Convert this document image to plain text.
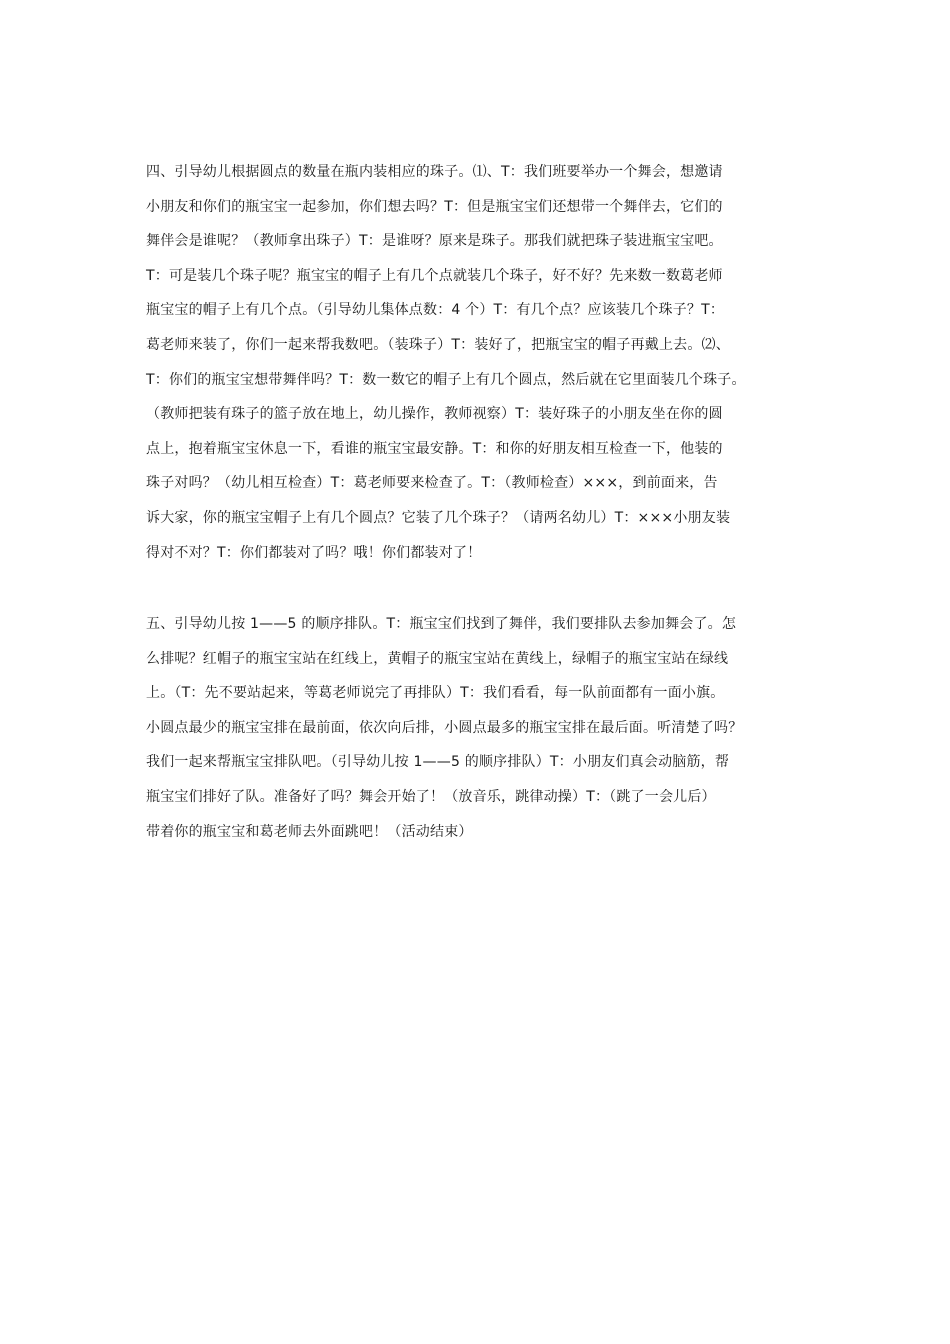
四、引导幼儿根据圆点的数量在瓶内装相应的珠子。⑴、T：我们班要举办一个舞会，想邀请
小朋友和你们的瓶宝宝一起参加，你们想去吗？T：但是瓶宝宝们还想带一个舞伴去，它们的
舞伴会是谁呢？（教师拿出珠子）T：是谁呀？原来是珠子。那我们就把珠子装进瓶宝宝吧。
T：可是装几个珠子呢？瓶宝宝的帽子上有几个点就装几个珠子，好不好？先来数一数葛老师
瓶宝宝的帽子上有几个点。（引导幼儿集体点数：4 个）T：有几个点？应该装几个珠子？T：
葛老师来装了，你们一起来帮我数吧。（装珠子）T：装好了，把瓶宝宝的帽子再戴上去。⑵、
T：你们的瓶宝宝想带舞伴吗？T：数一数它的帽子上有几个圆点，然后就在它里面装几个珠子。
（教师把装有珠子的篮子放在地上，幼儿操作，教师视察）T：装好珠子的小朋友坐在你的圆
点上，抱着瓶宝宝休息一下，看谁的瓶宝宝最安静。T：和你的好朋友相互检查一下，他装的
珠子对吗？（幼儿相互检查）T：葛老师要来检查了。T：（教师检查）×××，到前面来，告
诉大家，你的瓶宝宝帽子上有几个圆点？它装了几个珠子？（请两名幼儿）T：×××小朋友装
得对不对？T：你们都装对了吗？哦！你们都装对了！
五、引导幼儿按 1——5 的顺序排队。T：瓶宝宝们找到了舞伴，我们要排队去参加舞会了。怎
么排呢？红帽子的瓶宝宝站在红线上，黄帽子的瓶宝宝站在黄线上，绿帽子的瓶宝宝站在绿线
上。（T：先不要站起来，等葛老师说完了再排队）T：我们看看，每一队前面都有一面小旗。
小圆点最少的瓶宝宝排在最前面，依次向后排，小圆点最多的瓶宝宝排在最后面。听清楚了吗？
我们一起来帮瓶宝宝排队吧。（引导幼儿按 1——5 的顺序排队）T：小朋友们真会动脑筋，帮
瓶宝宝们排好了队。准备好了吗？舞会开始了！（放音乐，跳律动操）T：（跳了一会儿后）
带着你的瓶宝宝和葛老师去外面跳吧！（活动结束）
